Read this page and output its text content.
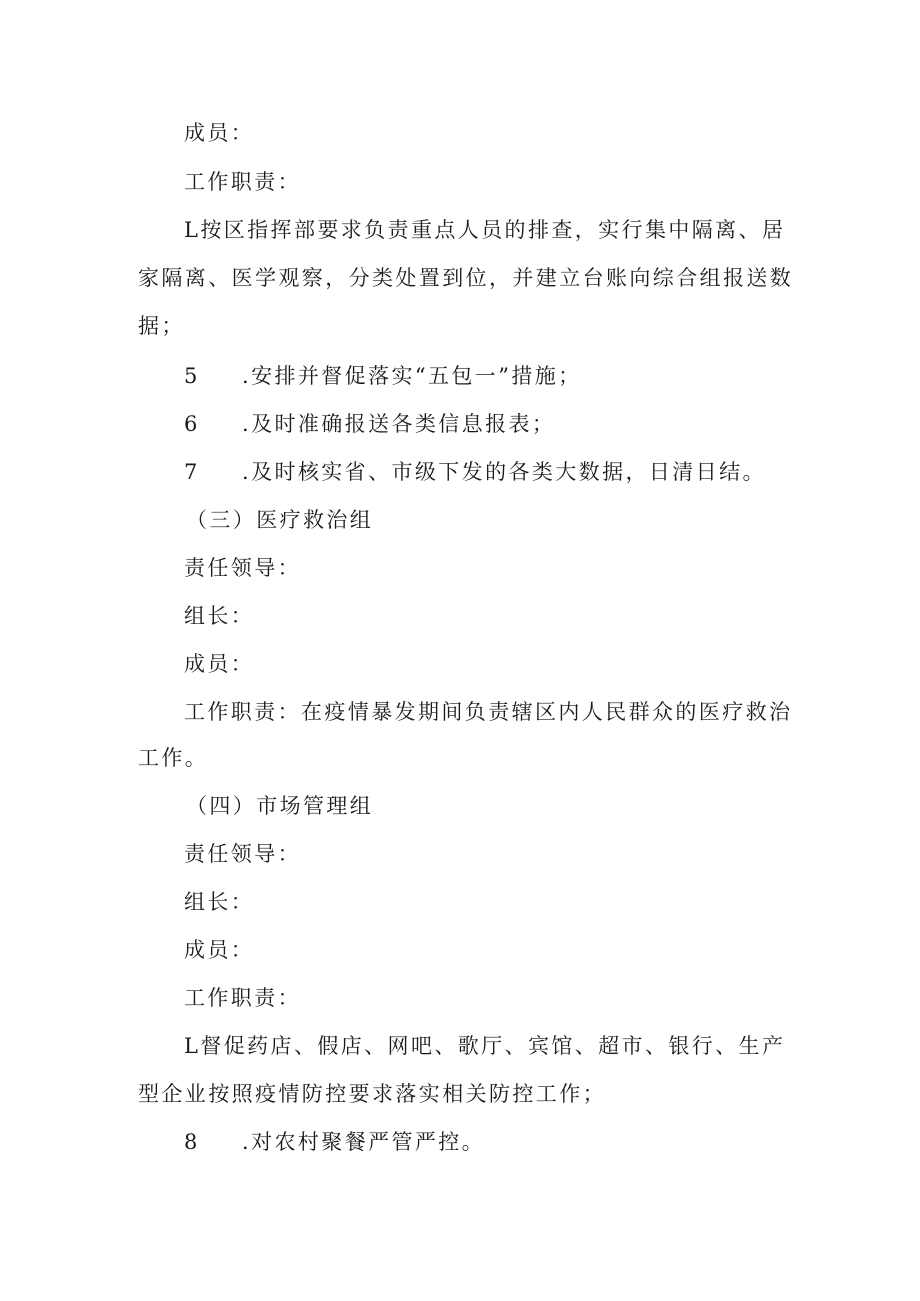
成员：
工作职责：
L按区指挥部要求负责重点人员的排查，实行集中隔离、居
家隔离、医学观察，分类处置到位，并建立台账向综合组报送数
据；
5 .安排并督促落实“五包一”措施；
6 .及时准确报送各类信息报表；
7 .及时核实省、市级下发的各类大数据，日清日结。
（三）医疗救治组
责任领导：
组长：
成员：
工作职责：在疫情暴发期间负责辖区内人民群众的医疗救治
工作。
（四）市场管理组
责任领导：
组长：
成员：
工作职责：
L督促药店、假店、网吧、歌厅、宾馆、超市、银行、生产
型企业按照疫情防控要求落实相关防控工作；
8 .对农村聚餐严管严控。
